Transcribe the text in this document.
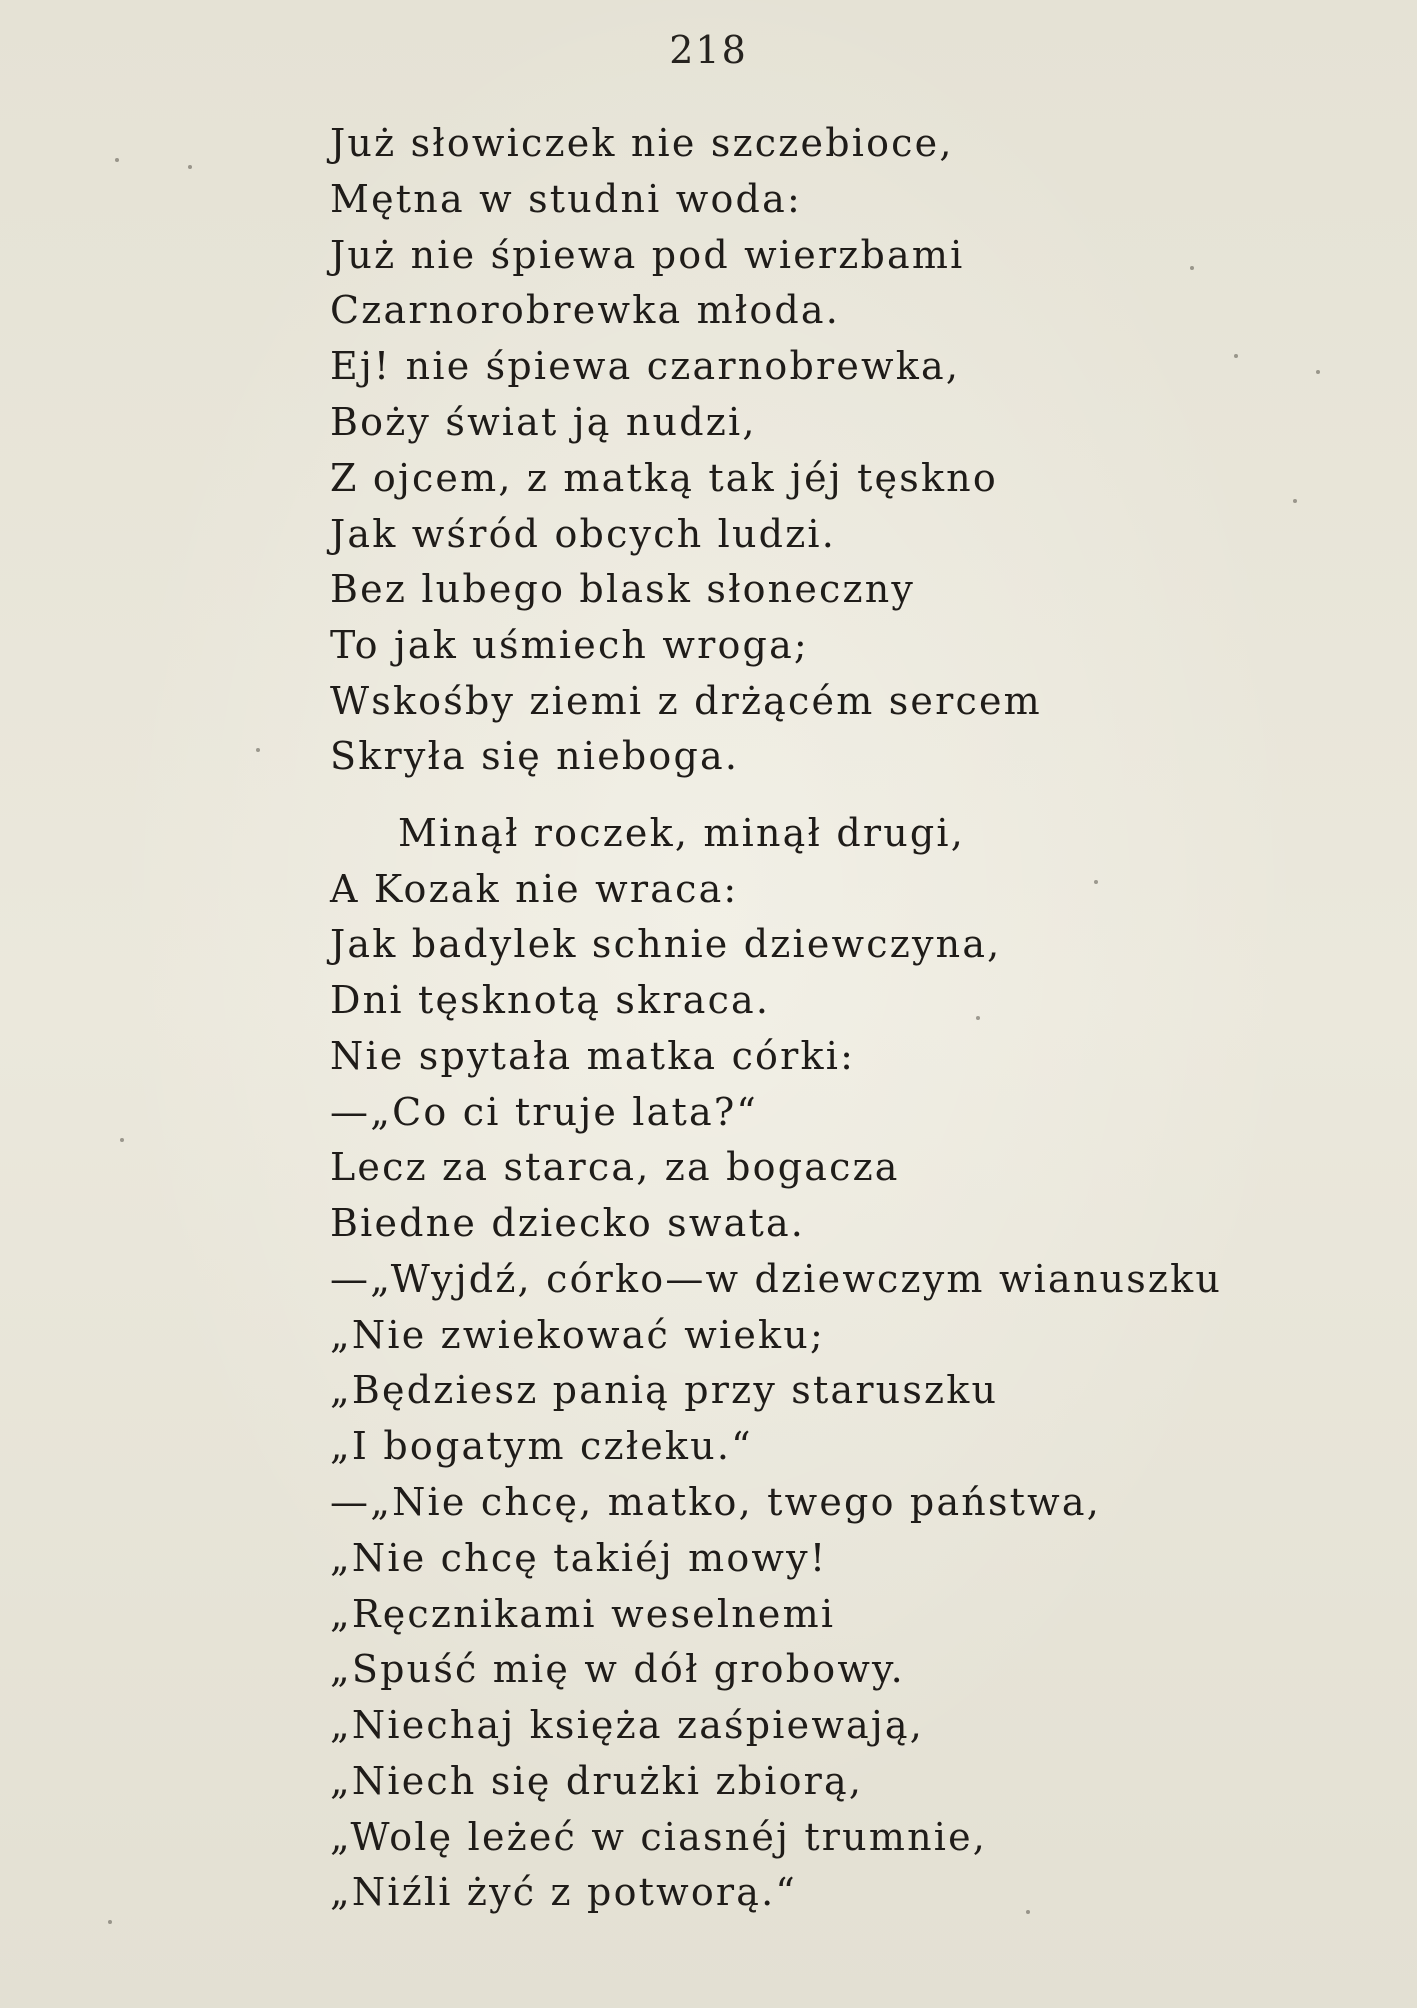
218
Już słowiczek nie szczebioce,
Mętna w studni woda:
Już nie śpiewa pod wierzbami
Czarnorobrewka młoda.
Ej! nie śpiewa czarnobrewka,
Boży świat ją nudzi,
Z ojcem, z matką tak jéj tęskno
Jak wśród obcych ludzi.
Bez lubego blask słoneczny
To jak uśmiech wroga;
Wskośby ziemi z drżącém sercem
Skryła się nieboga.
Minął roczek, minął drugi,
A Kozak nie wraca:
Jak badylek schnie dziewczyna,
Dni tęsknotą skraca.
Nie spytała matka córki:
—„Co ci truje lata?“
Lecz za starca, za bogacza
Biedne dziecko swata.
—„Wyjdź, córko—w dziewczym wianuszku
„Nie zwiekować wieku;
„Będziesz panią przy staruszku
„I bogatym człeku.“
—„Nie chcę, matko, twego państwa,
„Nie chcę takiéj mowy!
„Ręcznikami weselnemi
„Spuść mię w dół grobowy.
„Niechaj księża zaśpiewają,
„Niech się drużki zbiorą,
„Wolę leżeć w ciasnéj trumnie,
„Niźli żyć z potworą.“
